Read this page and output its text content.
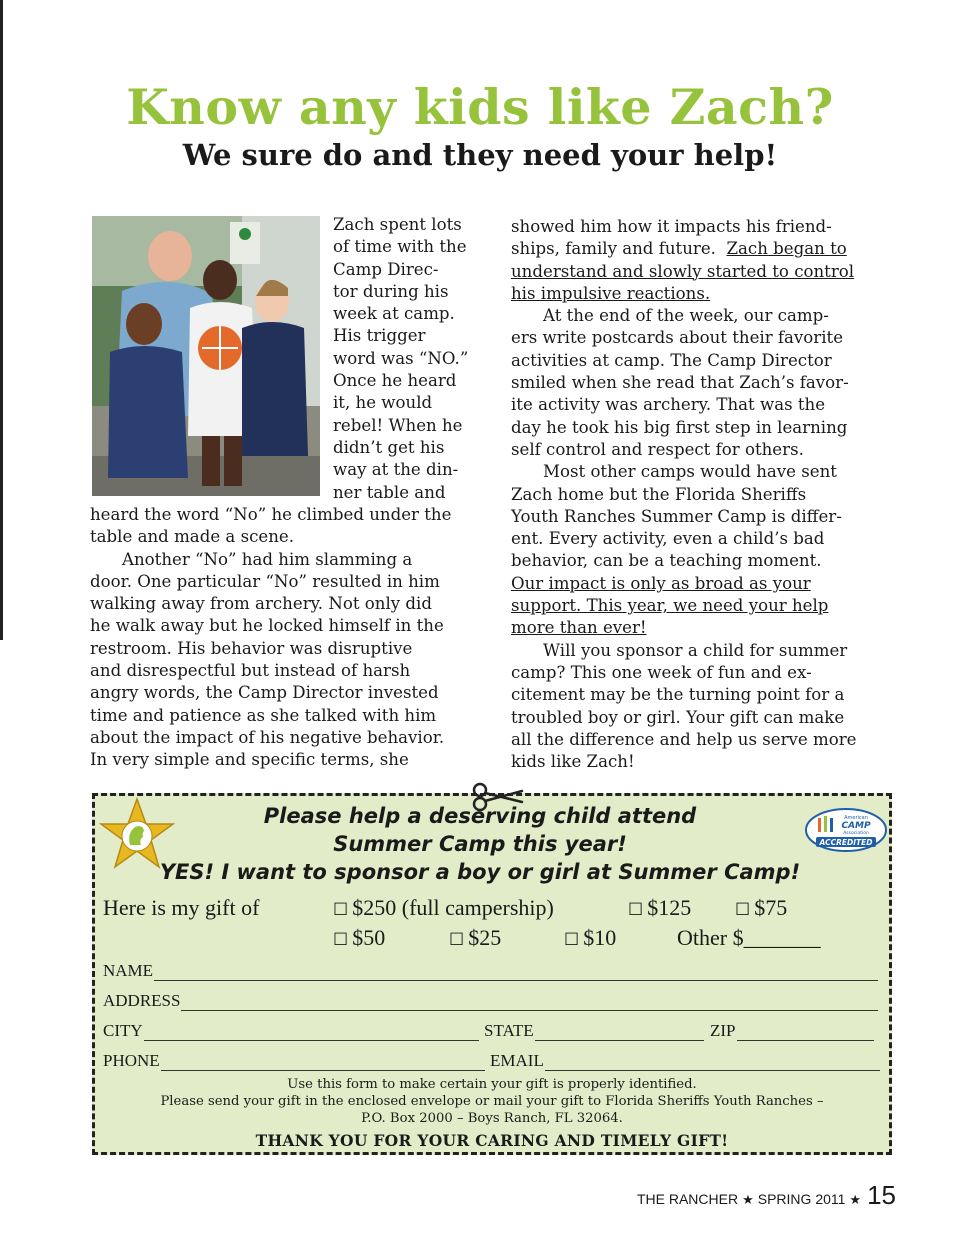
Know any kids like Zach?
We sure do and they need your help!
Zach spent lots
of time with the
Camp Direc-
tor during his
week at camp.
His trigger
word was “NO.”
Once he heard
it, he would
rebel! When he
didn’t get his
way at the din-
ner table and
heard the word “No” he climbed under the
table and made a scene.
Another “No” had him slamming a
door. One particular “No” resulted in him
walking away from archery. Not only did
he walk away but he locked himself in the
restroom. His behavior was disruptive
and disrespectful but instead of harsh
angry words, the Camp Director invested
time and patience as she talked with him
about the impact of his negative behavior.
In very simple and specific terms, she
showed him how it impacts his friend-
ships, family and future. Zach began to
understand and slowly started to control
his impulsive reactions.
At the end of the week, our camp-
ers write postcards about their favorite
activities at camp. The Camp Director
smiled when she read that Zach’s favor-
ite activity was archery. That was the
day he took his big first step in learning
self control and respect for others.
Most other camps would have sent
Zach home but the Florida Sheriffs
Youth Ranches Summer Camp is differ-
ent. Every activity, even a child’s bad
behavior, can be a teaching moment.
Our impact is only as broad as your
support. This year, we need your help
more than ever!
Will you sponsor a child for summer
camp? This one week of fun and ex-
citement may be the turning point for a
troubled boy or girl. Your gift can make
all the difference and help us serve more
kids like Zach!
American
CAMP
Association
ACCREDITED
Please help a deserving child attend
Summer Camp this year!
YES! I want to sponsor a boy or girl at Summer Camp!
Here is my gift of	☐ $250 (full campership)	☐ $125	☐ $75
☐ $50	☐ $25	☐ $10	Other $_______
NAME
ADDRESS
CITY	STATE	ZIP
PHONE	EMAIL
Use this form to make certain your gift is properly identified.
Please send your gift in the enclosed envelope or mail your gift to Florida Sheriffs Youth Ranches –
P.O. Box 2000 – Boys Ranch, FL 32064.
THANK YOU FOR YOUR CARING AND TIMELY GIFT!
THE RANCHER ★ SPRING 2011 ★ 15
